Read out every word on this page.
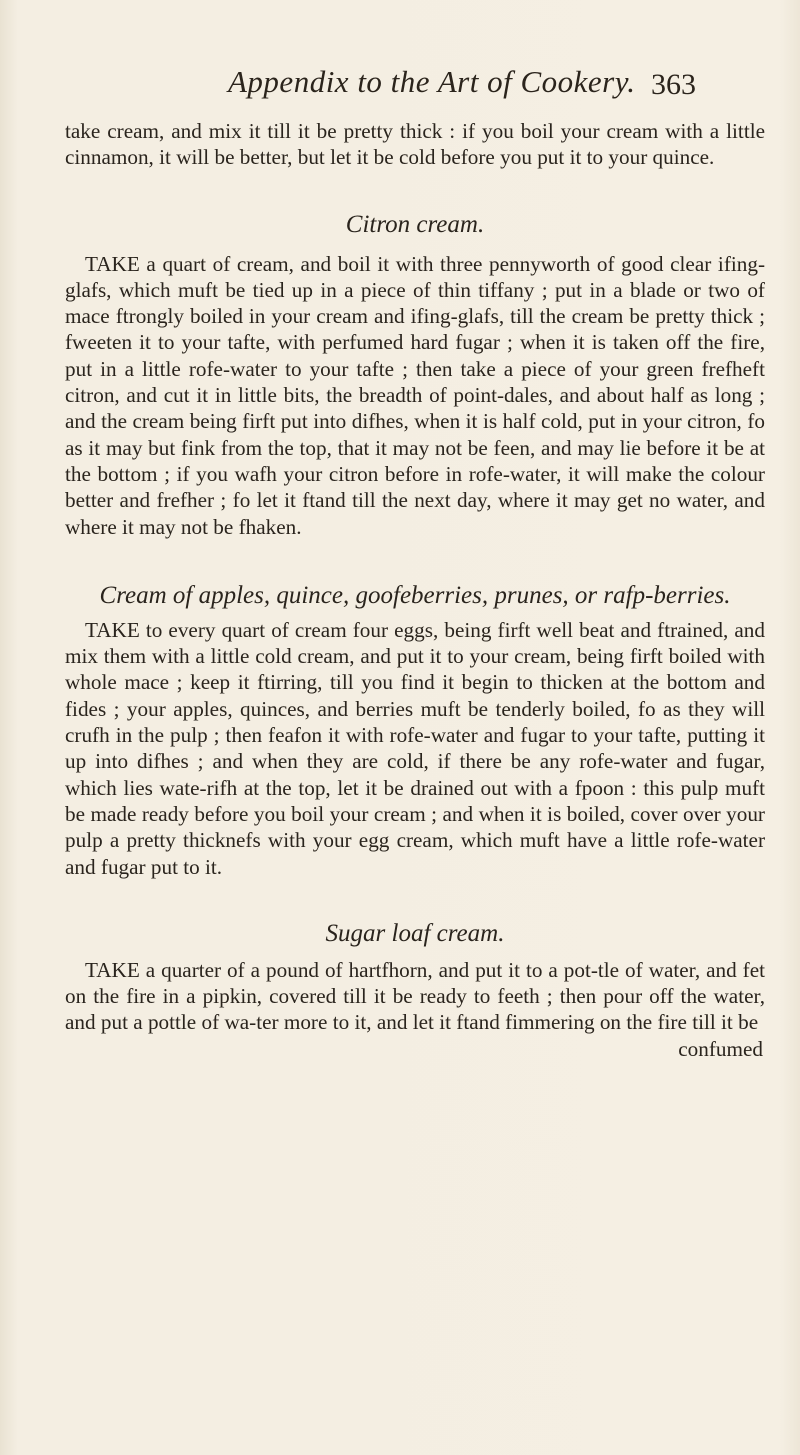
Appendix to the Art of Cookery. 363

take cream, and mix it till it be pretty thick : if you boil your cream with a little cinnamon, it will be better, but let it be cold before you put it to your quince.

Citron cream.

TAKE a quart of cream, and boil it with three pennyworth of good clear ifing-glafs, which muft be tied up in a piece of thin tiffany ; put in a blade or two of mace ftrongly boiled in your cream and ifing-glafs, till the cream be pretty thick ; fweeten it to your tafte, with perfumed hard fugar ; when it is taken off the fire, put in a little rofe-water to your tafte ; then take a piece of your green frefheft citron, and cut it in little bits, the breadth of point-dales, and about half as long ; and the cream being firft put into difhes, when it is half cold, put in your citron, fo as it may but fink from the top, that it may not be feen, and may lie before it be at the bottom ; if you wafh your citron before in rofe-water, it will make the colour better and frefher ; fo let it ftand till the next day, where it may get no water, and where it may not be fhaken.

Cream of apples, quince, goofeberries, prunes, or rafp-berries.

TAKE to every quart of cream four eggs, being firft well beat and ftrained, and mix them with a little cold cream, and put it to your cream, being firft boiled with whole mace ; keep it ftirring, till you find it begin to thicken at the bottom and fides ; your apples, quinces, and berries muft be tenderly boiled, fo as they will crufh in the pulp ; then feafon it with rofe-water and fugar to your tafte, putting it up into difhes ; and when they are cold, if there be any rofe-water and fugar, which lies wate-rifh at the top, let it be drained out with a fpoon : this pulp muft be made ready before you boil your cream ; and when it is boiled, cover over your pulp a pretty thicknefs with your egg cream, which muft have a little rofe-water and fugar put to it.

Sugar loaf cream.

TAKE a quarter of a pound of hartfhorn, and put it to a pot-tle of water, and fet on the fire in a pipkin, covered till it be ready to feeth ; then pour off the water, and put a pottle of wa-ter more to it, and let it ftand fimmering on the fire till it be

confumed
